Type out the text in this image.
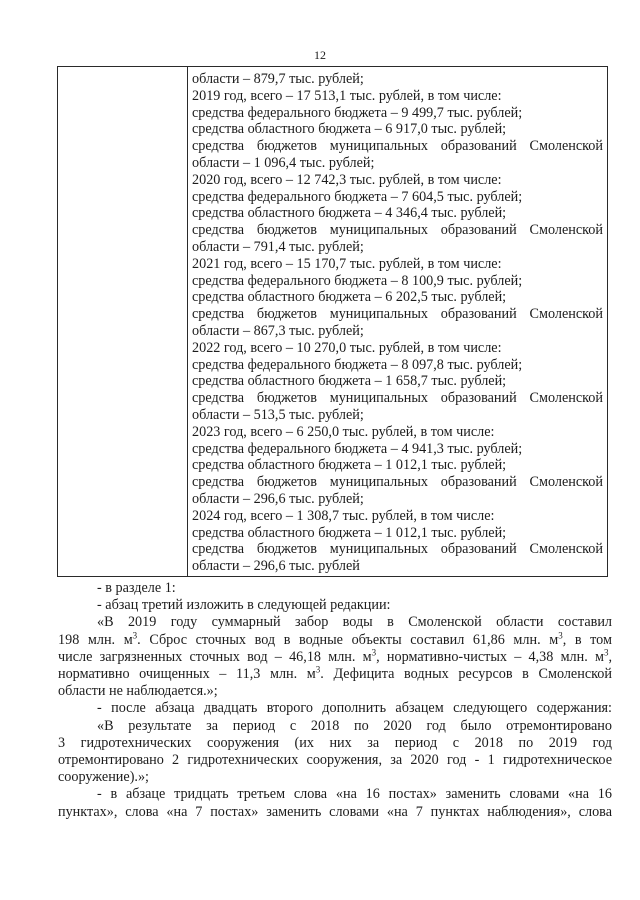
12
области – 879,7 тыс. рублей;
2019 год, всего – 17 513,1 тыс. рублей, в том числе:
средства федерального бюджета – 9 499,7 тыс. рублей;
средства областного бюджета – 6 917,0 тыс. рублей;
средства бюджетов муниципальных образований Смоленской
области – 1 096,4 тыс. рублей;
2020 год, всего – 12 742,3 тыс. рублей, в том числе:
средства федерального бюджета – 7 604,5 тыс. рублей;
средства областного бюджета – 4 346,4 тыс. рублей;
средства бюджетов муниципальных образований Смоленской
области – 791,4 тыс. рублей;
2021 год, всего – 15 170,7 тыс. рублей, в том числе:
средства федерального бюджета – 8 100,9 тыс. рублей;
средства областного бюджета – 6 202,5 тыс. рублей;
средства бюджетов муниципальных образований Смоленской
области – 867,3 тыс. рублей;
2022 год, всего – 10 270,0 тыс. рублей, в том числе:
средства федерального бюджета – 8 097,8 тыс. рублей;
средства областного бюджета – 1 658,7 тыс. рублей;
средства бюджетов муниципальных образований Смоленской
области – 513,5 тыс. рублей;
2023 год, всего – 6 250,0 тыс. рублей, в том числе:
средства федерального бюджета – 4 941,3 тыс. рублей;
средства областного бюджета – 1 012,1 тыс. рублей;
средства бюджетов муниципальных образований Смоленской
области – 296,6 тыс. рублей;
2024 год, всего – 1 308,7 тыс. рублей, в том числе:
средства областного бюджета – 1 012,1 тыс. рублей;
средства бюджетов муниципальных образований Смоленской
области – 296,6 тыс. рублей
- в разделе 1:
- абзац третий изложить в следующей редакции:
«В 2019 году суммарный забор воды в Смоленской области составил
198 млн. $м^3$. Сброс сточных вод в водные объекты составил 61,86 млн. $м^3$, в том
числе загрязненных сточных вод – 46,18 млн. $м^3$, нормативно-чистых – 4,38 млн. $м^3$,
нормативно очищенных – 11,3 млн. $м^3$. Дефицита водных ресурсов в Смоленской
области не наблюдается.»;
- после абзаца двадцать второго дополнить абзацем следующего содержания:
«В результате за период с 2018 по 2020 год было отремонтировано
3 гидротехнических сооружения (их них за период с 2018 по 2019 год
отремонтировано 2 гидротехнических сооружения, за 2020 год - 1 гидротехническое
сооружение).»;
- в абзаце тридцать третьем слова «на 16 постах» заменить словами «на 16
пунктах», слова «на 7 постах» заменить словами «на 7 пунктах наблюдения», слова
